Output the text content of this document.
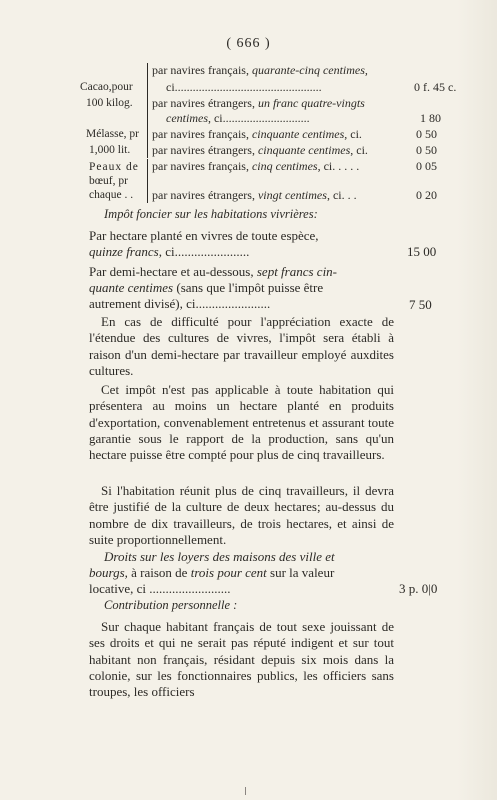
( 666 )
Cacao,pour
100 kilog.
par navires français, quarante-cinq centimes,
ci.................................................	0 f. 45 c.
par navires étrangers, un franc quatre-vingts
centimes, ci.............................	1 80
Mélasse, pr
1,000 lit.
par navires français, cinquante centimes, ci.	0 50
par navires étrangers, cinquante centimes, ci.	0 50
Peaux de
bœuf, pr
chaque . .
par navires français, cinq centimes, ci. . . . .	0 05
par navires étrangers, vingt centimes, ci. . .	0 20
Impôt foncier sur les habitations vivrières:
Par hectare planté en vivres de toute espèce,
quinze francs, ci.......................	15 00
Par demi-hectare et au-dessous, sept francs cin-
quante centimes (sans que l'impôt puisse être
autrement divisé), ci.......................	7 50
En cas de difficulté pour l'appréciation exacte de l'étendue des cultures de vivres, l'impôt sera établi à raison d'un demi-hectare par travailleur employé auxdites cultures.
Cet impôt n'est pas applicable à toute habitation qui présentera au moins un hectare planté en produits d'exportation, convenablement entretenus et assurant toute garantie sous le rapport de la production, sans qu'un hectare puisse être compté pour plus de cinq travailleurs.
Si l'habitation réunit plus de cinq travailleurs, il devra être justifié de la culture de deux hectares; au-dessus du nombre de dix travailleurs, de trois hectares, et ainsi de suite proportionnellement.
Droits sur les loyers des maisons des ville et
bourgs, à raison de trois pour cent sur la valeur
locative, ci .........................	3 p. 0|0
Contribution personnelle :
Sur chaque habitant français de tout sexe jouissant de ses droits et qui ne serait pas réputé indigent et sur tout habitant non français, résidant depuis six mois dans la colonie, sur les fonctionnaires publics, les officiers sans troupes, les officiers
